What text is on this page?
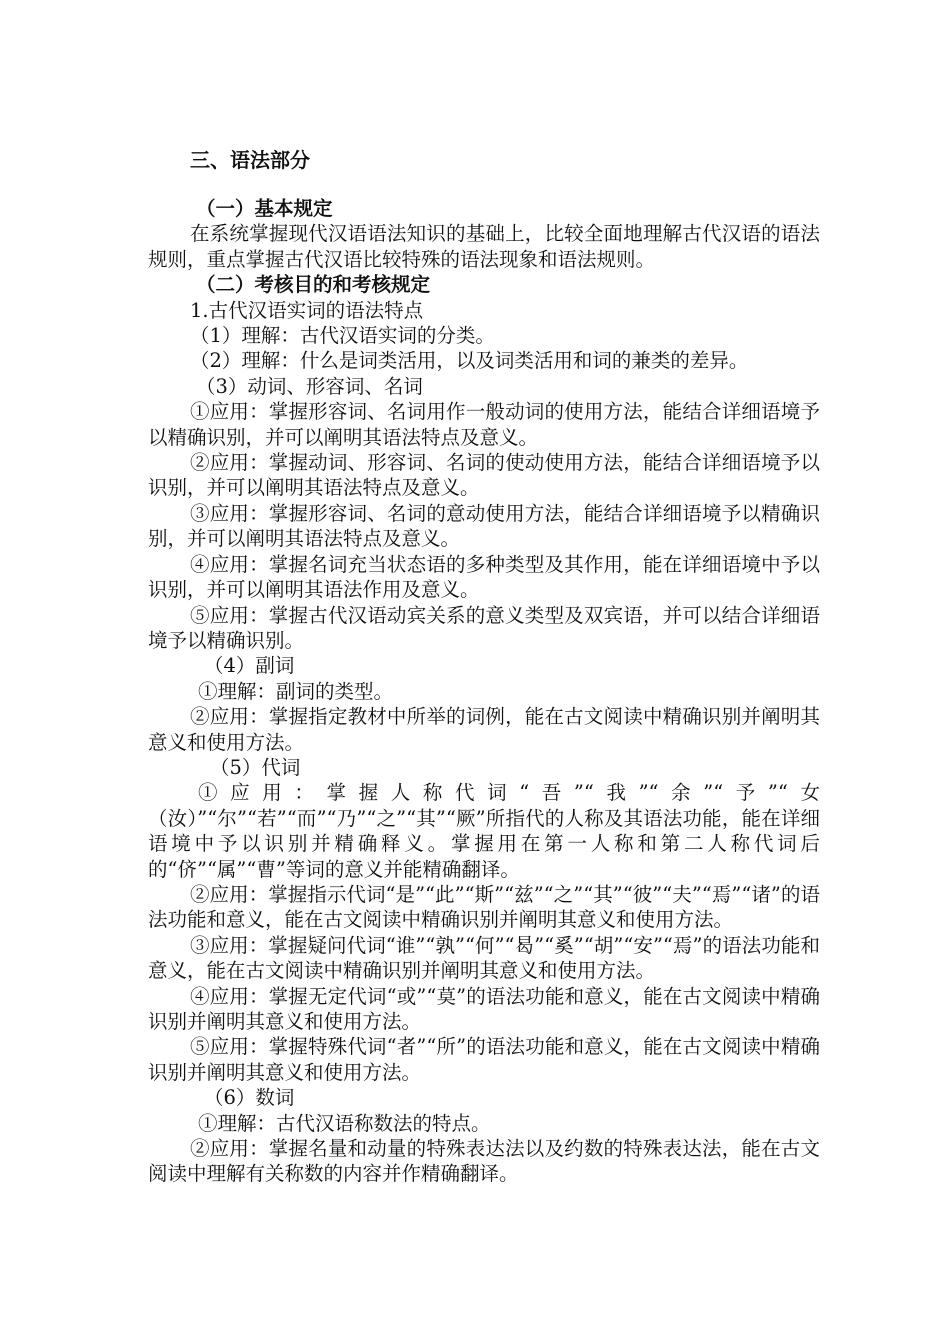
三、语法部分

（一）基本规定

在系统掌握现代汉语语法知识的基础上，比较全面地理解古代汉语的语法规则，重点掌握古代汉语比较特殊的语法现象和语法规则。

（二）考核目的和考核规定

1.古代汉语实词的语法特点

（1）理解：古代汉语实词的分类。

（2）理解：什么是词类活用，以及词类活用和词的兼类的差异。

（3）动词、形容词、名词

①应用：掌握形容词、名词用作一般动词的使用方法，能结合详细语境予以精确识别，并可以阐明其语法特点及意义。

②应用：掌握动词、形容词、名词的使动使用方法，能结合详细语境予以识别，并可以阐明其语法特点及意义。

③应用：掌握形容词、名词的意动使用方法，能结合详细语境予以精确识别，并可以阐明其语法特点及意义。

④应用：掌握名词充当状态语的多种类型及其作用，能在详细语境中予以识别，并可以阐明其语法作用及意义。

⑤应用：掌握古代汉语动宾关系的意义类型及双宾语，并可以结合详细语境予以精确识别。

（4）副词

①理解：副词的类型。

②应用：掌握指定教材中所举的词例，能在古文阅读中精确识别并阐明其意义和使用方法。

（5）代词

①应用：掌握人称代词“吾”“我”“余”“予”“女（汝）”“尔”“若”“而”“乃”“之”“其”“厥”所指代的人称及其语法功能，能在详细语境中予以识别并精确释义。掌握用在第一人称和第二人称代词后的“侪”“属”“曹”等词的意义并能精确翻译。

②应用：掌握指示代词“是”“此”“斯”“兹”“之”“其”“彼”“夫”“焉”“诸”的语法功能和意义，能在古文阅读中精确识别并阐明其意义和使用方法。

③应用：掌握疑问代词“谁”“孰”“何”“曷”“奚”“胡”“安”“焉”的语法功能和意义，能在古文阅读中精确识别并阐明其意义和使用方法。

④应用：掌握无定代词“或”“莫”的语法功能和意义，能在古文阅读中精确识别并阐明其意义和使用方法。

⑤应用：掌握特殊代词“者”“所”的语法功能和意义，能在古文阅读中精确识别并阐明其意义和使用方法。

（6）数词

①理解：古代汉语称数法的特点。

②应用：掌握名量和动量的特殊表达法以及约数的特殊表达法，能在古文阅读中理解有关称数的内容并作精确翻译。
